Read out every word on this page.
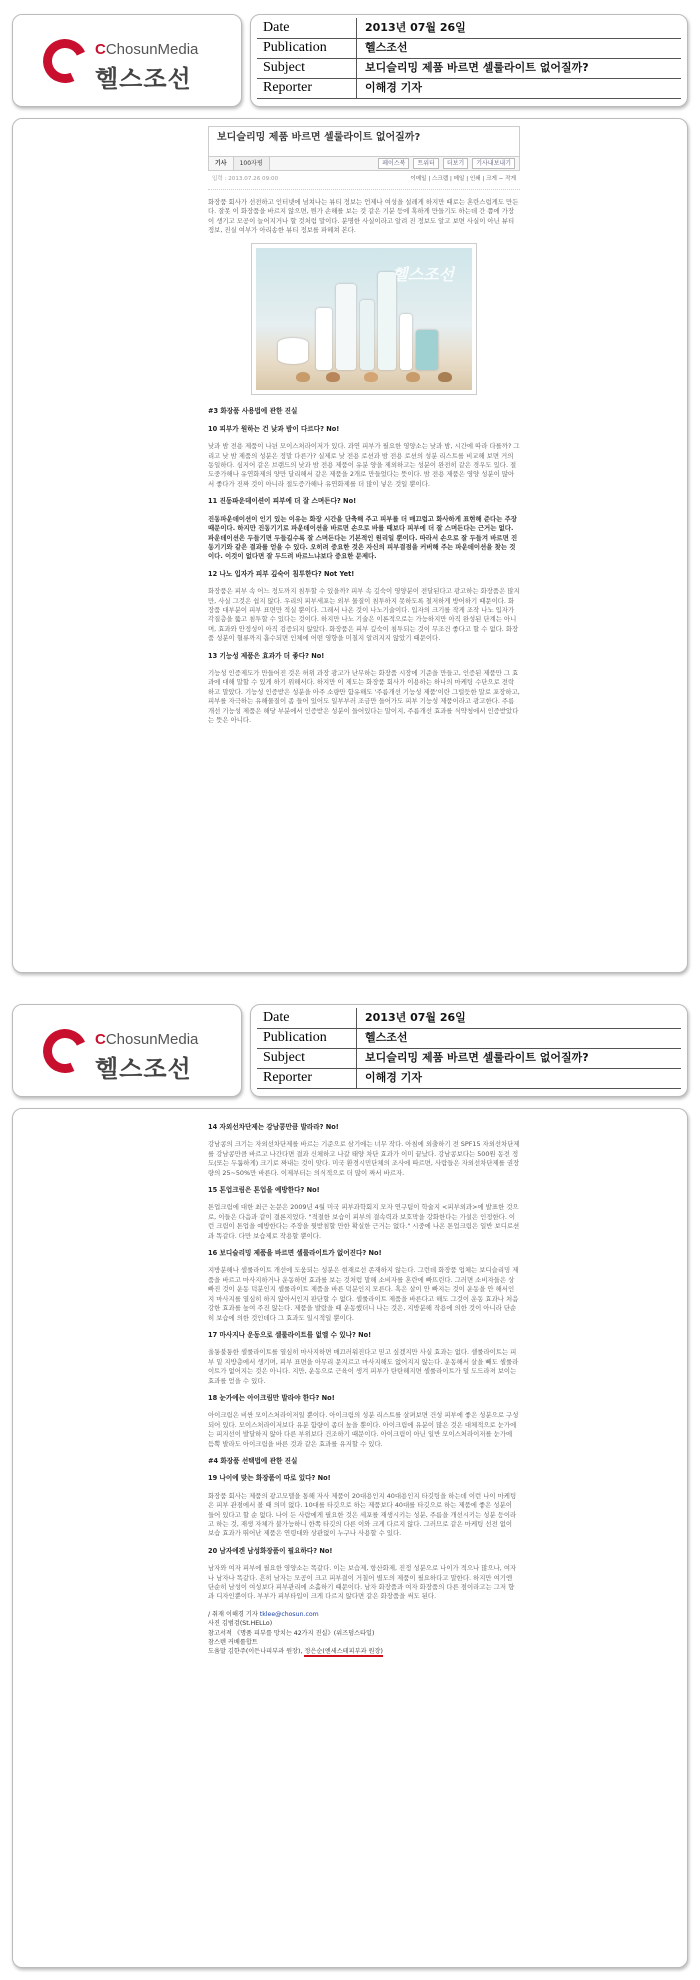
CChosunMedia
헬스조선
Date	2013년 07월 26일
Publication	헬스조선
Subject	보디슬리밍 제품 바르면 셀룰라이트 없어질까?
Reporter	이해경 기자
보디슬리밍 제품 바르면 셀룰라이트 없어질까?
기사	100자평	페이스북	트위터	더보기	기사내보내기
입력 : 2013.07.26 09:00	이메일 | 스크랩 | 메일 | 인쇄 | 크게 − 작게

화장품 회사가 선전하고 인터넷에 넘쳐나는 뷰티 정보는 언제나 여성을 설레게 하지만 때로는 혼란스럽게도 만든다. 잘못 이 화장품을 바르지 않으면, 뭔가 손해를 보는 것 같은 기분 등에 혹하게 만들기도 하는데 간 쯤에 가장이 생기고 모공이 늘어지거나 할 것처럼 말이다. 분명한 사실이라고 알려 진 정보도 알고 보면 사실이 아닌 뷰티 정보, 진실 여부가 아리송한 뷰티 정보를 파헤쳐 본다.

헬스조선

#3 화장품 사용법에 관한 진실

10 피부가 원하는 건 낮과 밤이 다르다? No!

낮과 밤 전용 제품이 나뉜 모이스처라이저가 있다. 과연 피부가 필요한 영양소는 낮과 밤, 시간에 따라 다를까? 그리고 낮 밤 제품의 성분은 정말 다른가? 실제로 낮 전용 로션과 밤 전용 로션의 성분 리스트를 비교해 보면 거의 동일하다. 심지어 같은 브랜드의 낮과 밤 전용 제품이 유분 양을 제외하고는 성분이 완전히 같은 경우도 있다. 절도중가해나 유연화제의 양만 달리해서 같은 제품을 2개로 만들었다는 뜻이다. 밤 전용 제품은 영양 성분이 많아서 좋다가 진짜 것이 아니라 절도증가해나 유연화제를 더 많이 넣은 것일 뿐이다.

11 진동파운데이션이 피부에 더 잘 스며든다? No!

진동파운데이션이 인기 있는 이유는 화장 시간을 단축해 주고 피부를 더 매끄럽고 화사하게 표현해 준다는 주장 때문이다. 하지만 진동기기로 파운데이션을 바르면 손으로 바를 때보다 피부에 더 잘 스며든다는 근거는 없다. 파운데이션은 두들기면 두들길수록 잘 스며든다는 기본적인 원리일 뿐이다. 따라서 손으로 잘 두들겨 바르면 진동기기와 같은 결과를 얻을 수 있다. 오히려 중요한 것은 자신의 피부결점을 커버해 주는 파운데이션을 찾는 것이다. 이것이 없다면 잘 두드려 바르느냐보다 중요한 문제다.

12 나노 입자가 피부 깊숙이 침투한다? Not Yet!

화장품은 피부 속 어느 정도까지 침투할 수 있을까? 피부 속 깊숙이 영양분이 전달된다고 광고하는 화장품은 많지만, 사실 그것은 쉽지 않다. 우리의 피부세포는 외부 물질이 침투하지 못하도록 철저하게 방어하기 때문이다. 화장품 대부분이 피부 표면만 적실 뿐이다. 그래서 나온 것이 나노기술이다. 입자의 크기를 작게 조작 나노 입자가 각질층을 뚫고 침투할 수 있다는 것이다. 하지만 나노 기술은 이론적으로는 가능하지만 아직 완성된 단계는 아니며, 효과와 안정성이 아직 검증되지 않았다. 화장품은 피부 깊숙이 침투되는 것이 무조건 좋다고 할 수 없다. 화장품 성분이 혈류까지 흡수되면 인체에 어떤 영향을 미칠지 알려지지 않았기 때문이다.

13 기능성 제품은 효과가 더 좋다? No!

기능성 인증제도가 만들어진 것은 허위 과장 광고가 난무하는 화장품 시장에 기준을 만들고, 인증된 제품만 그 효과에 대해 말할 수 있게 하기 위해서다. 하지만 이 제도는 화장품 회사가 이용하는 하나의 마케팅 수단으로 전락하고 말았다. 기능성 인증받은 성분을 아주 소량만 함유해도 '주름개선 기능성 제품'이란 그럴듯한 말로 포장하고, 피부를 자극하는 유해물질이 좀 들어 있어도 일부부러 조금만 들어가도 피부 기능성 제품이라고 광고한다. 주름개선 기능성 제품은 해당 부분에서 인증받은 성분이 들어있다는 말이지, 주름개선 효과를 식약청에서 인증받았다는 뜻은 아니다.

CChosunMedia
헬스조선
Date	2013년 07월 26일
Publication	헬스조선
Subject	보디슬리밍 제품 바르면 셀룰라이트 없어질까?
Reporter	이해경 기자

14 자외선차단제는 강남콩만큼 발라라? No!

강남콩의 크기는 자외선차단제를 바르는 기준으로 삼기에는 너무 작다. 아침에 외출하기 전 SPF15 자외선차단제를 강남콩만큼 바르고 나간다면 결과 신체하고 나갈 태양 차단 효과가 이미 끝났다. 강남콩보다는 500원 동전 정도(또는 두툼하게) 크기로 짜내는 것이 맞다. 미국 환경시민단체의 조사에 따르면, 사람들은 자외선차단제를 권장량의 25~50%만 바른다. 이제부터는 의식적으로 더 많이 짜서 바르자.

15 톤업크림은 톤업을 예방한다? No!

톤업크림에 대한 최근 논문은 2009년 4월 미국 피부과학회지 모자 연구팀이 학술지 <피부외과>에 발표한 것으로, 이들은 다음과 같이 결론지었다. "적절한 보습이 피부의 결속력과 보호막을 강화한다는 가설은 인정한다. 이런 크림이 톤업을 예방한다는 주장을 뒷받침할 만한 확실한 근거는 없다." 시중에 나온 톤업크림은 일반 보디로션과 똑같다. 다만 보습제로 작용할 뿐이다.

16 보디슬리밍 제품을 바르면 셀룰라이트가 없어진다? No!

지방분해나 셀룰라이트 개선에 도움되는 성분은 현재로선 존재하지 않는다. 그런데 화장품 업체는 보디슬리밍 제품을 바르고 마사지하거나 운동하면 효과를 보는 것처럼 말해 소비자를 혼란에 빠뜨린다. 그러면 소비자들은 상 빠진 것이 운동 덕분인지 셀룰라이트 제품을 바른 덕분인지 모른다. 혹은 살이 안 빠지는 것이 운동을 안 해서인지 마사지를 열심히 하지 않아서인지 판단할 수 없다. 셀룰라이트 제품을 바른다고 해도 그것이 운동 효과나 처음 강한 효과를 높여 주진 않는다. 제품을 발랐을 때 운동했더니 나는 것은, 지방분해 작용에 의한 것이 아니라 단순히 보습에 의한 것인데다 그 효과도 일시적일 뿐이다.

17 마사지나 운동으로 셀룰라이트를 없앨 수 있나? No!

울퉁불퉁한 셀룰라이트를 열심히 마사지하면 매끄러워진다고 믿고 싶겠지만 사실 효과는 없다. 셀룰라이트는 피부 밑 지방층에서 생기며, 피부 표면을 아무리 문지르고 마사지해도 없어지지 않는다. 운동해서 살을 빼도 셀룰라이트가 없어지는 것은 아니다. 지만, 운동으로 근육이 생겨 피부가 탄탄해지면 셀룰라이트가 덜 도드라져 보이는 효과를 얻을 수 있다.

18 눈가에는 아이크림만 발라야 한다? No!

아이크림은 비싼 모이스처라이저일 뿐이다. 아이크림의 성분 리스트를 살펴보면 건성 피부에 좋은 성분으로 구성되어 있다. 모이스처라이저보다 유분 함량이 좀더 높을 뿐이다. 아이크림에 유분이 많은 것은 대체적으로 눈가에는 피지선이 발달하지 않아 다른 부위보다 건조하기 때문이다. 아이크림이 아닌 일반 모이스처라이저를 눈가에 듬뿍 발라도 아이크림을 바른 것과 같은 효과를 유지할 수 있다.

#4 화장품 선택법에 관한 진실

19 나이에 맞는 화장품이 따로 있다? No!

화장품 회사는 제품의 광고모델을 통해 자사 제품이 20대용인지 40대용인지 타깃팅을 하는데 이런 나이 마케팅은 피부 관점에서 볼 때 의미 없다. 10대를 타깃으로 하는 제품보다 40대를 타깃으로 하는 제품에 좋은 성분이 들어 있다고 할 순 없다. 나이 든 사람에게 필요한 것은 세포를 재생시키는 성분, 주름을 개선시키는 성분 등이라고 하는 것, 재생 자체가 불가능하니 한쪽 타깃의 다른 이와 크게 다르지 않다. 그러므로 같은 마케팅 선전 없이 보습 효과가 뛰어난 제품은 연령대와 상관없이 누구나 사용할 수 있다.

20 남자에겐 남성화장품이 필요하다? No!

남자와 여자 피부에 필요한 영양소는 똑같다. 이는 보습제, 항산화제, 진정 성분으로 나이가 적으나 많으나, 여자나 남자나 똑같다. 흔히 남자는 모공이 크고 피부결이 거칠어 별도의 제품이 필요하다고 말한다. 하지만 여기엔 단순히 남성이 여성보다 피부관리에 소홀하기 때문이다. 남자 화장품과 여자 화장품의 다른 점이라고는 그저 향과 디자인뿐이다. 부부가 피부타입이 크게 다르지 않다면 같은 화장품을 써도 된다.

/ 취재 이해경 기자 tklee@chosun.com
사진 김범검(St.HELLo)
참고서적 《명품 피부를 망치는 42가지 진실》(위즈덤스타일)
참스텐 커베롤합트
도움말 김한주(이든나피부과 원장), 정은순(엔세스테피부과 원장)
